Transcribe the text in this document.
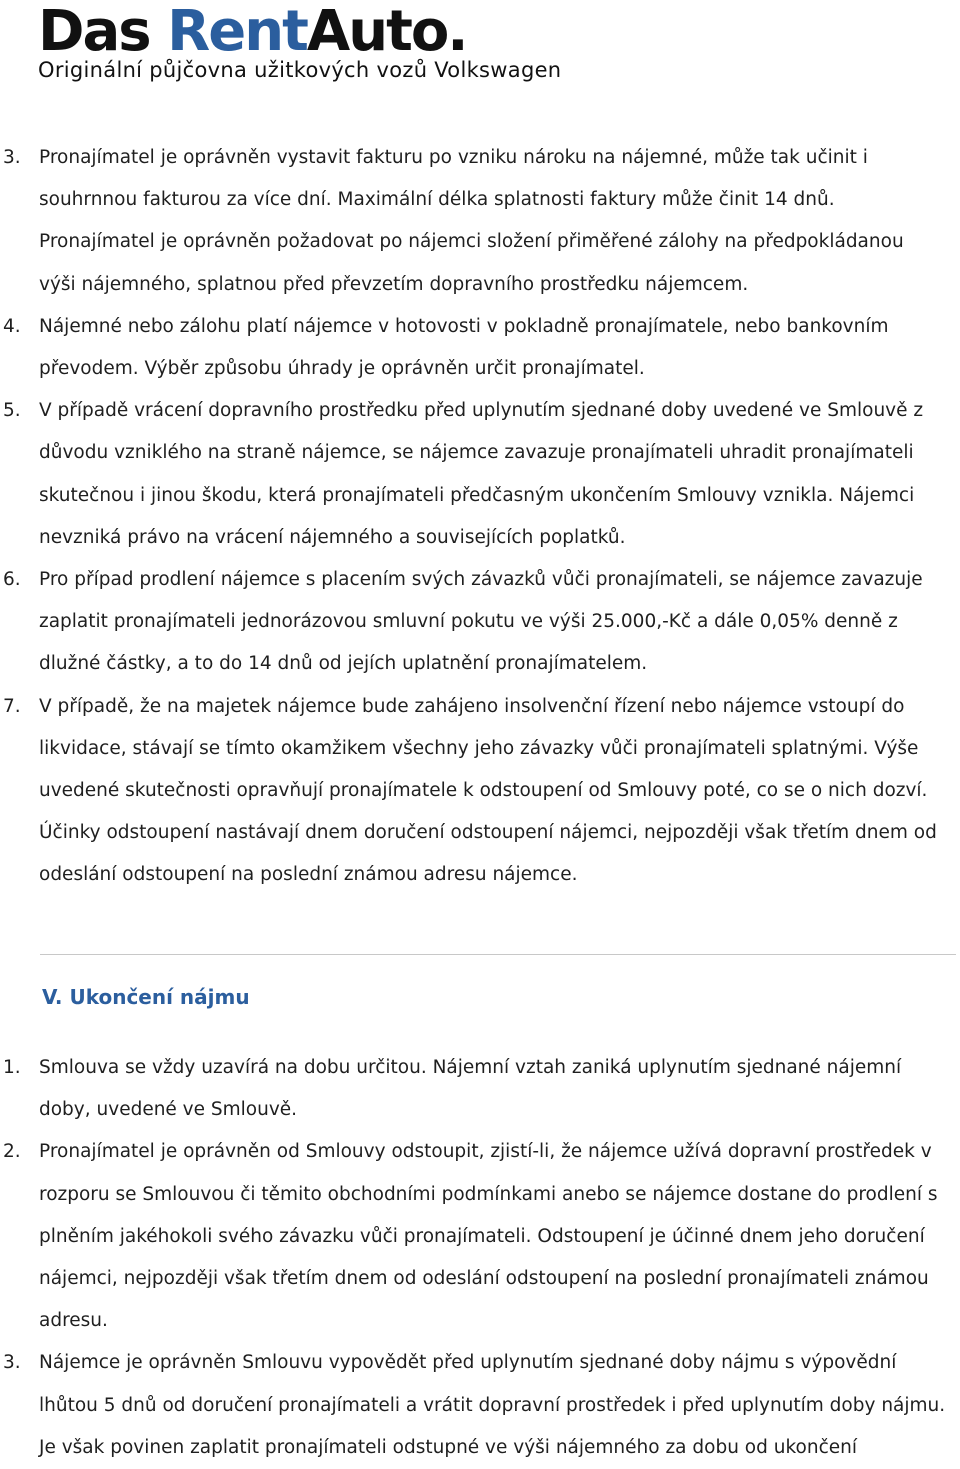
Das RentAuto.
Originální půjčovna užitkových vozů Volkswagen
3. Pronajímatel je oprávněn vystavit fakturu po vzniku nároku na nájemné, může tak učinit i souhrnnou fakturou za více dní. Maximální délka splatnosti faktury může činit 14 dnů. Pronajímatel je oprávněn požadovat po nájemci složení přiměřené zálohy na předpokládanou výši nájemného, splatnou před převzetím dopravního prostředku nájemcem.
4. Nájemné nebo zálohu platí nájemce v hotovosti v pokladně pronajímatele, nebo bankovním převodem. Výběr způsobu úhrady je oprávněn určit pronajímatel.
5. V případě vrácení dopravního prostředku před uplynutím sjednané doby uvedené ve Smlouvě z důvodu vzniklého na straně nájemce, se nájemce zavazuje pronajímateli uhradit pronajímateli skutečnou i jinou škodu, která pronajímateli předčasným ukončením Smlouvy vznikla. Nájemci nevzniká právo na vrácení nájemného a souvisejících poplatků.
6. Pro případ prodlení nájemce s placením svých závazků vůči pronajímateli, se nájemce zavazuje zaplatit pronajímateli jednorázovou smluvní pokutu ve výši 25.000,-Kč a dále 0,05% denně z dlužné částky, a to do 14 dnů od jejích uplatnění pronajímatelem.
7. V případě, že na majetek nájemce bude zahájeno insolvenční řízení nebo nájemce vstoupí do likvidace, stávají se tímto okamžikem všechny jeho závazky vůči pronajímateli splatnými. Výše uvedené skutečnosti opravňují pronajímatele k odstoupení od Smlouvy poté, co se o nich dozví. Účinky odstoupení nastávají dnem doručení odstoupení nájemci, nejpozději však třetím dnem od odeslání odstoupení na poslední známou adresu nájemce.
V. Ukončení nájmu
1. Smlouva se vždy uzavírá na dobu určitou. Nájemní vztah zaniká uplynutím sjednané nájemní doby, uvedené ve Smlouvě.
2. Pronajímatel je oprávněn od Smlouvy odstoupit, zjistí-li, že nájemce užívá dopravní prostředek v rozporu se Smlouvou či těmito obchodními podmínkami anebo se nájemce dostane do prodlení s plněním jakéhokoli svého závazku vůči pronajímateli. Odstoupení je účinné dnem jeho doručení nájemci, nejpozději však třetím dnem od odeslání odstoupení na poslední pronajímateli známou adresu.
3. Nájemce je oprávněn Smlouvu vypovědět před uplynutím sjednané doby nájmu s výpovědní lhůtou 5 dnů od doručení pronajímateli a vrátit dopravní prostředek i před uplynutím doby nájmu. Je však povinen zaplatit pronajímateli odstupné ve výši nájemného za dobu od ukončení
